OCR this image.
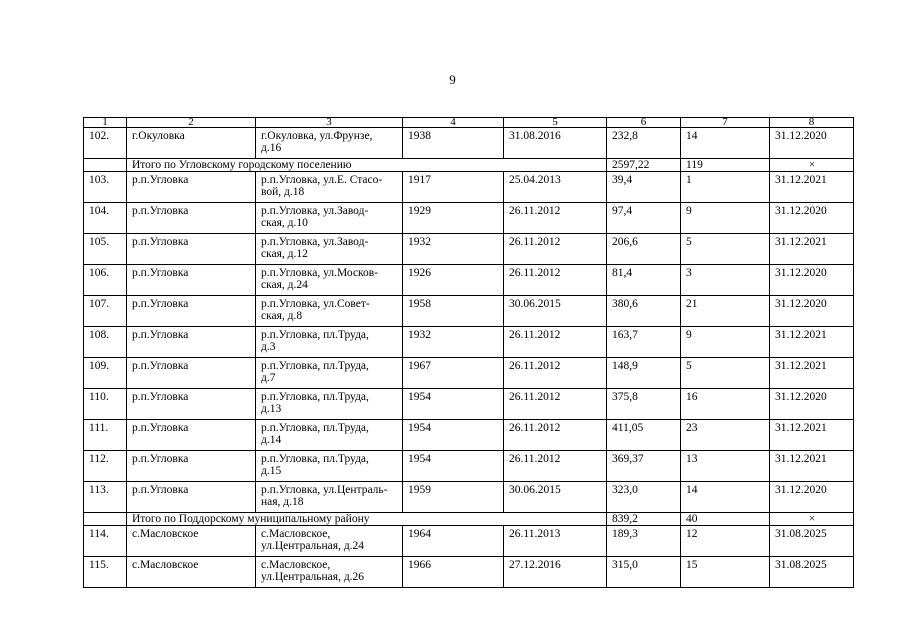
9
1	2	3	4	5	6	7	8
102.	г.Окуловка	г.Окуловка, ул.Фрунзе,
д.16	1938	31.08.2016	232,8	14	31.12.2020
	Итого по Угловскому городскому поселению				2597,22	119	×
103.	р.п.Угловка	р.п.Угловка, ул.Е. Стасо-
вой, д.18	1917	25.04.2013	39,4	1	31.12.2021
104.	р.п.Угловка	р.п.Угловка, ул.Завод-
ская, д.10	1929	26.11.2012	97,4	9	31.12.2020
105.	р.п.Угловка	р.п.Угловка, ул.Завод-
ская, д.12	1932	26.11.2012	206,6	5	31.12.2021
106.	р.п.Угловка	р.п.Угловка, ул.Москов-
ская, д.24	1926	26.11.2012	81,4	3	31.12.2020
107.	р.п.Угловка	р.п.Угловка, ул.Совет-
ская, д.8	1958	30.06.2015	380,6	21	31.12.2020
108.	р.п.Угловка	р.п.Угловка, пл.Труда,
д.3	1932	26.11.2012	163,7	9	31.12.2021
109.	р.п.Угловка	р.п.Угловка, пл.Труда,
д.7	1967	26.11.2012	148,9	5	31.12.2021
110.	р.п.Угловка	р.п.Угловка, пл.Труда,
д.13	1954	26.11.2012	375,8	16	31.12.2020
111.	р.п.Угловка	р.п.Угловка, пл.Труда,
д.14	1954	26.11.2012	411,05	23	31.12.2021
112.	р.п.Угловка	р.п.Угловка, пл.Труда,
д.15	1954	26.11.2012	369,37	13	31.12.2021
113.	р.п.Угловка	р.п.Угловка, ул.Централь-
ная, д.18	1959	30.06.2015	323,0	14	31.12.2020
	Итого по Поддорскому муниципальному району				839,2	40	×
114.	с.Масловское	с.Масловское,
ул.Центральная, д.24	1964	26.11.2013	189,3	12	31.08.2025
115.	с.Масловское	с.Масловское,
ул.Центральная, д.26	1966	27.12.2016	315,0	15	31.08.2025
